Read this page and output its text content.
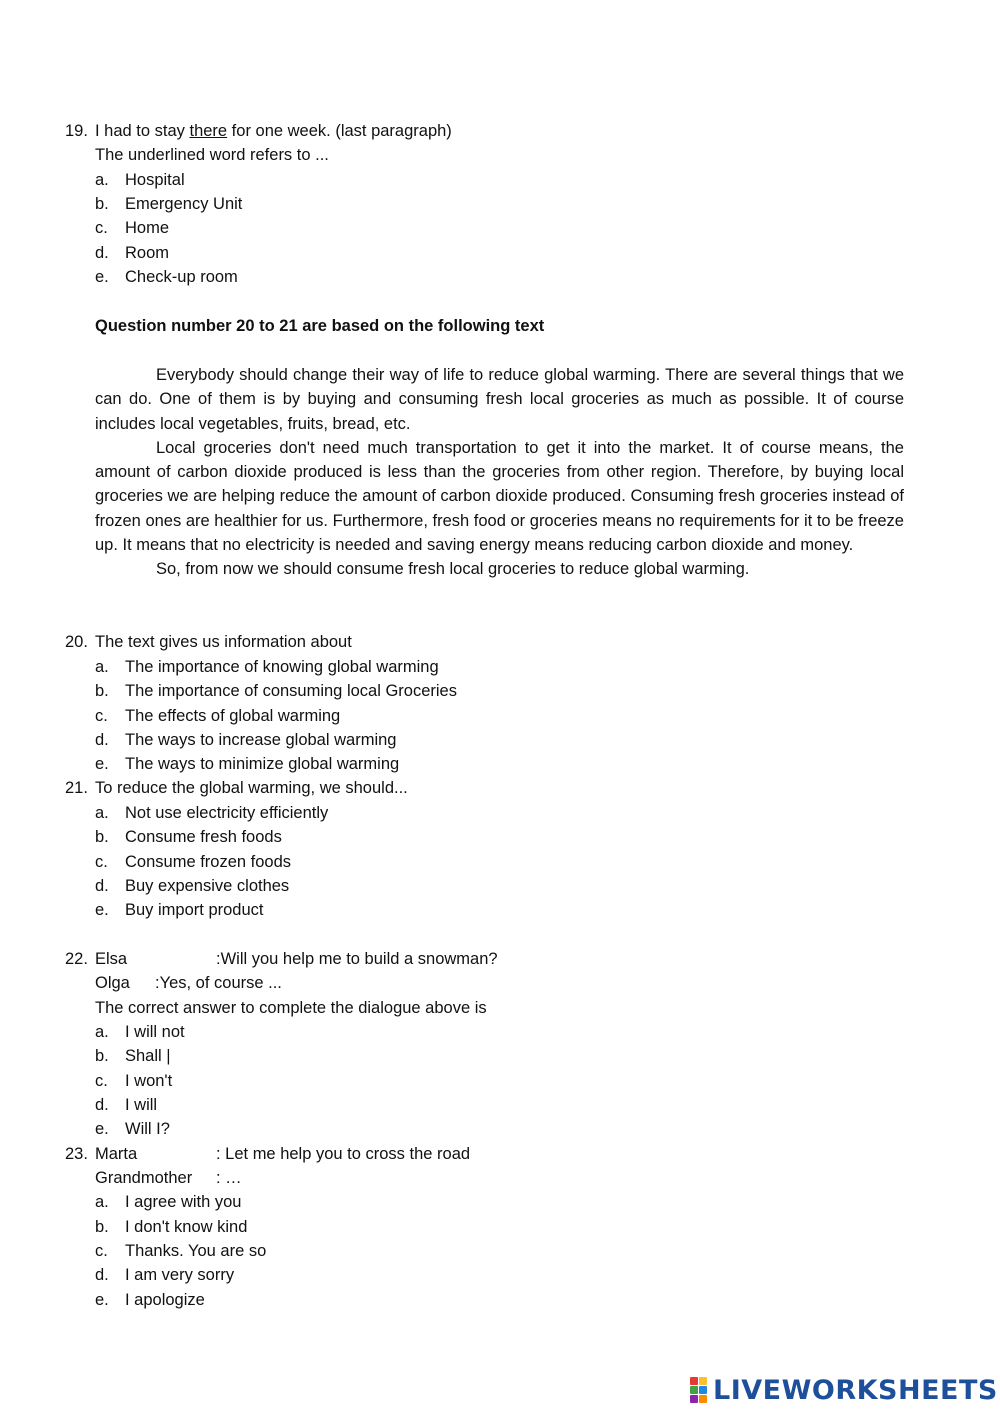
19. I had to stay there for one week. (last paragraph)
The underlined word refers to ...
a. Hospital
b. Emergency Unit
c. Home
d. Room
e. Check-up room
Question number 20 to 21 are based on the following text

Everybody should change their way of life to reduce global warming. There are several things that we can do. One of them is by buying and consuming fresh local groceries as much as possible. It of course includes local vegetables, fruits, bread, etc.

Local groceries don't need much transportation to get it into the market. It of course means, the amount of carbon dioxide produced is less than the groceries from other region. Therefore, by buying local groceries we are helping reduce the amount of carbon dioxide produced. Consuming fresh groceries instead of frozen ones are healthier for us. Furthermore, fresh food or groceries means no requirements for it to be freeze up. It means that no electricity is needed and saving energy means reducing carbon dioxide and money.

So, from now we should consume fresh local groceries to reduce global warming.

20. The text gives us information about
a. The importance of knowing global warming
b. The importance of consuming local Groceries
c. The effects of global warming
d. The ways to increase global warming
e. The ways to minimize global warming
21. To reduce the global warming, we should...
a. Not use electricity efficiently
b. Consume fresh foods
c. Consume frozen foods
d. Buy expensive clothes
e. Buy import product
22. Elsa	:Will you help me to build a snowman?
Olga :Yes, of course ...
The correct answer to complete the dialogue above is
a. I will not
b. Shall |
c. I won't
d. I will
e. Will I?
23. Marta	: Let me help you to cross the road
Grandmother : …
a. I agree with you
b. I don't know kind
c. Thanks. You are so
d. I am very sorry
e. I apologize
LIVEWORKSHEETS
